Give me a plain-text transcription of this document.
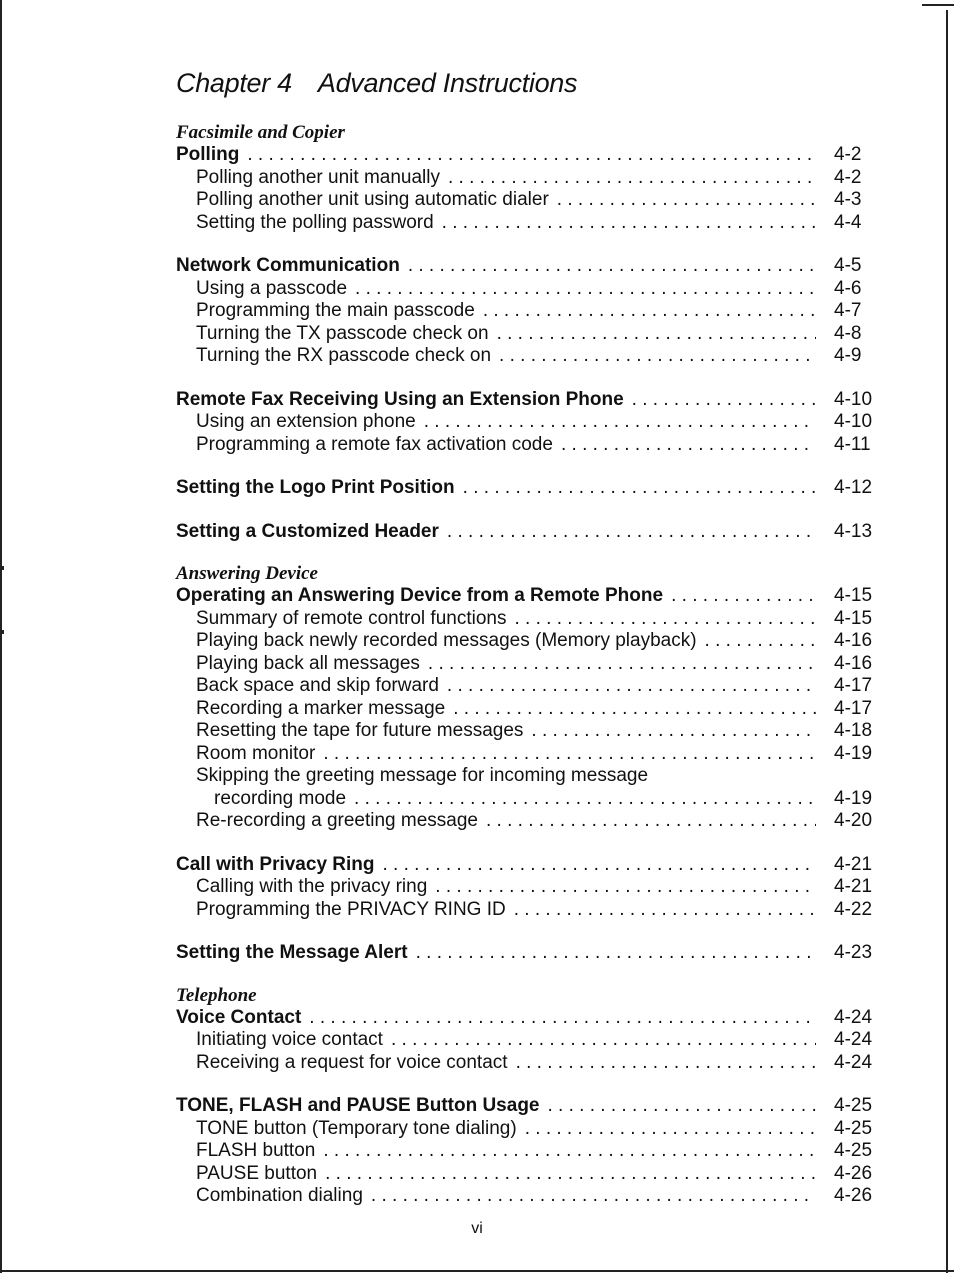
Chapter 4 Advanced Instructions
Facsimile and Copier
Polling . . .	4-2
Polling another unit manually . . .	4-2
Polling another unit using automatic dialer . . .	4-3
Setting the polling password . . .	4-4
Network Communication . . .	4-5
Using a passcode . . .	4-6
Programming the main passcode . . .	4-7
Turning the TX passcode check on . . .	4-8
Turning the RX passcode check on . . .	4-9
Remote Fax Receiving Using an Extension Phone . . .	4-10
Using an extension phone . . .	4-10
Programming a remote fax activation code . . .	4-11
Setting the Logo Print Position . . .	4-12
Setting a Customized Header . . .	4-13
Answering Device
Operating an Answering Device from a Remote Phone . . .	4-15
Summary of remote control functions . . .	4-15
Playing back newly recorded messages (Memory playback) . . .	4-16
Playing back all messages . . .	4-16
Back space and skip forward . . .	4-17
Recording a marker message . . .	4-17
Resetting the tape for future messages . . .	4-18
Room monitor . . .	4-19
Skipping the greeting message for incoming message
recording mode . . .	4-19
Re-recording a greeting message . . .	4-20
Call with Privacy Ring . . .	4-21
Calling with the privacy ring . . .	4-21
Programming the PRIVACY RING ID . . .	4-22
Setting the Message Alert . . .	4-23
Telephone
Voice Contact . . .	4-24
Initiating voice contact . . .	4-24
Receiving a request for voice contact . . .	4-24
TONE, FLASH and PAUSE Button Usage . . .	4-25
TONE button (Temporary tone dialing) . . .	4-25
FLASH button . . .	4-25
PAUSE button . . .	4-26
Combination dialing . . .	4-26
vi
